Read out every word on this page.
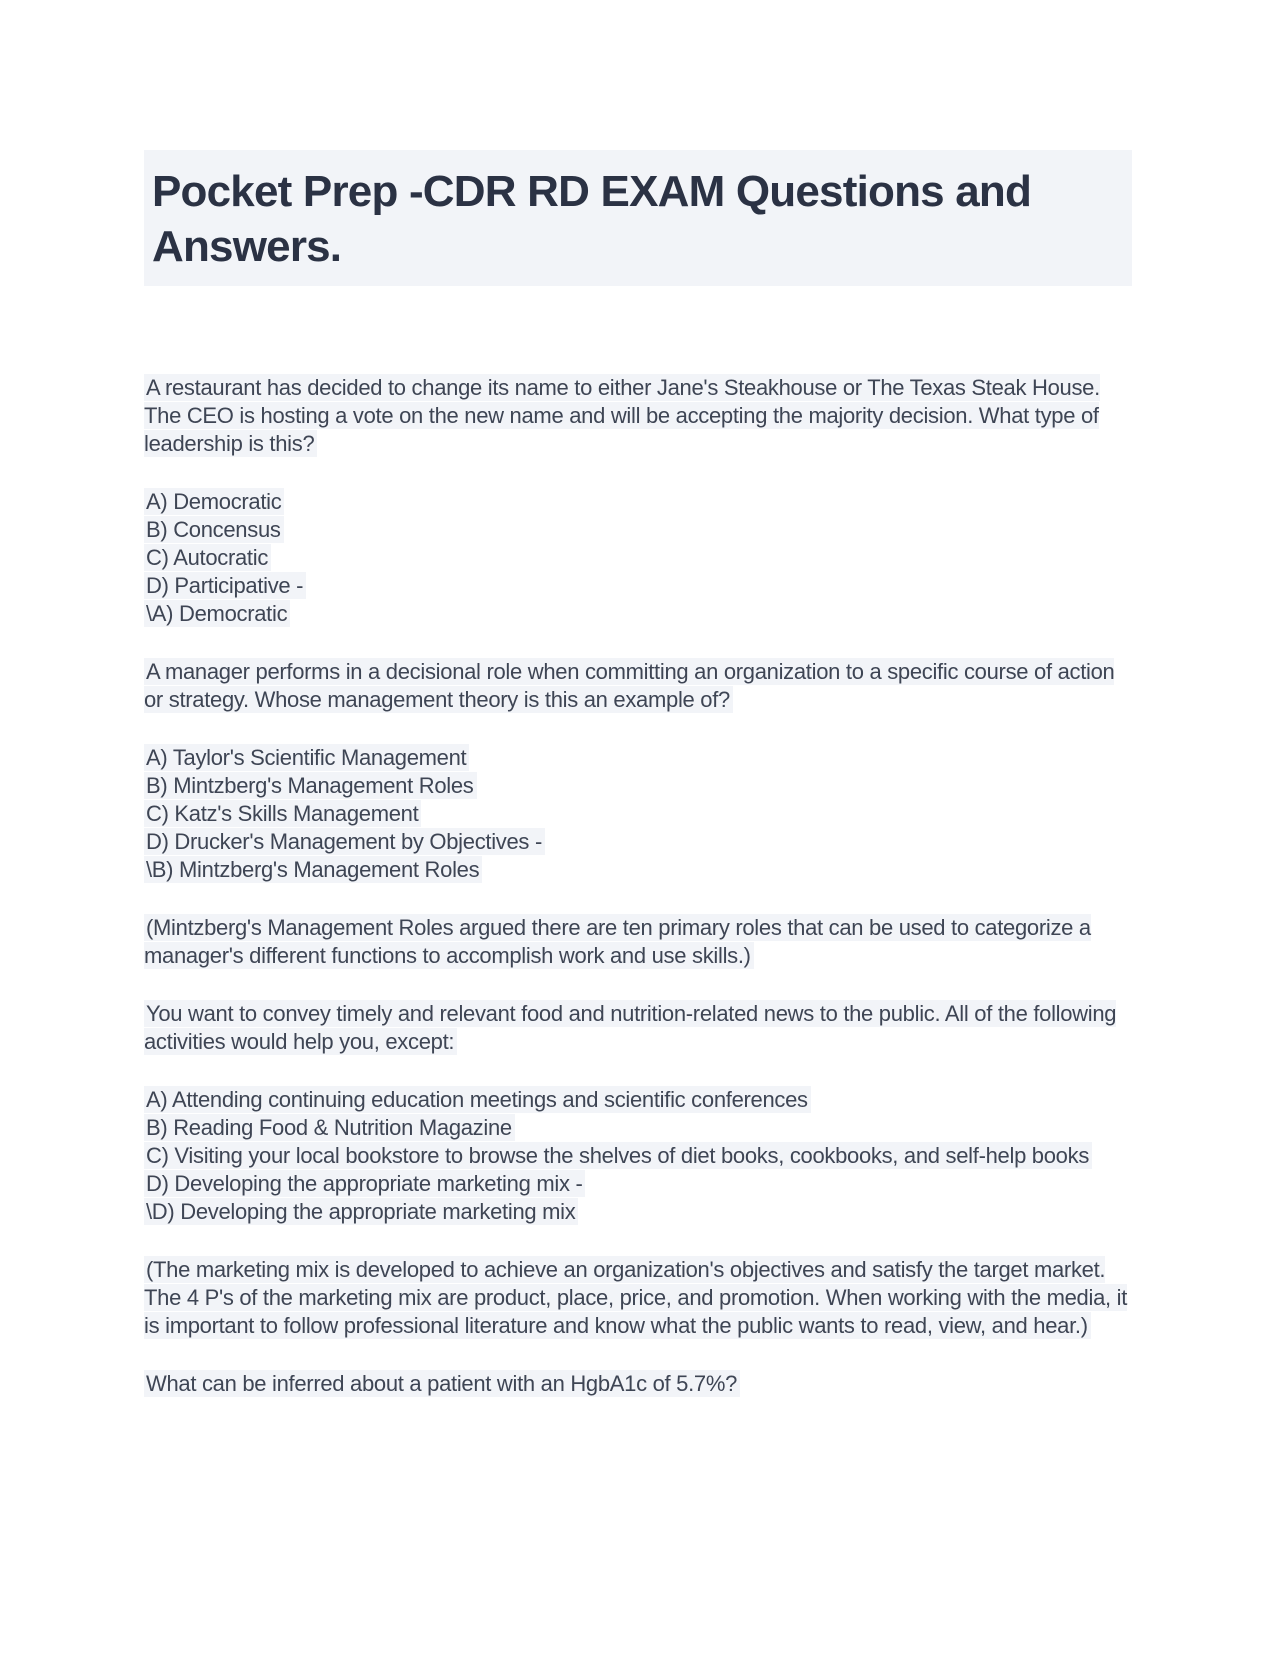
Pocket Prep -CDR RD EXAM Questions and Answers.

A restaurant has decided to change its name to either Jane's Steakhouse or The Texas Steak House. The CEO is hosting a vote on the new name and will be accepting the majority decision. What type of leadership is this?

A) Democratic
B) Concensus
C) Autocratic
D) Participative -
\A) Democratic

A manager performs in a decisional role when committing an organization to a specific course of action or strategy. Whose management theory is this an example of?

A) Taylor's Scientific Management
B) Mintzberg's Management Roles
C) Katz's Skills Management
D) Drucker's Management by Objectives -
\B) Mintzberg's Management Roles

(Mintzberg's Management Roles argued there are ten primary roles that can be used to categorize a manager's different functions to accomplish work and use skills.)

You want to convey timely and relevant food and nutrition-related news to the public. All of the following activities would help you, except:

A) Attending continuing education meetings and scientific conferences
B) Reading Food & Nutrition Magazine
C) Visiting your local bookstore to browse the shelves of diet books, cookbooks, and self-help books
D) Developing the appropriate marketing mix -
\D) Developing the appropriate marketing mix

(The marketing mix is developed to achieve an organization's objectives and satisfy the target market. The 4 P's of the marketing mix are product, place, price, and promotion. When working with the media, it is important to follow professional literature and know what the public wants to read, view, and hear.)

What can be inferred about a patient with an HgbA1c of 5.7%?
